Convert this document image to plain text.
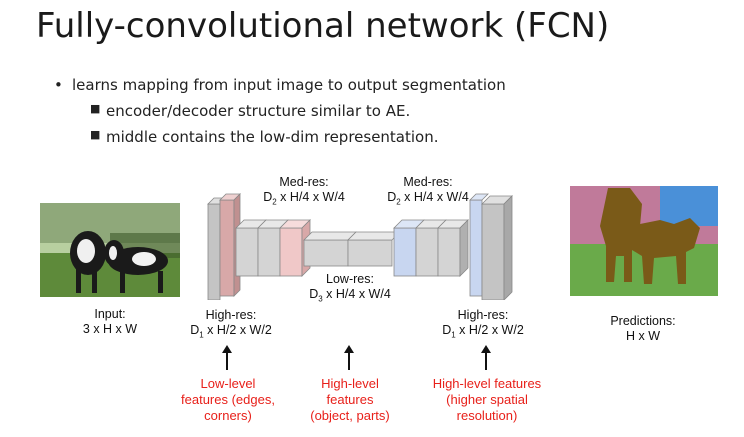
Fully-convolutional network (FCN)
• learns mapping from input image to output segmentation
■ encoder/decoder structure similar to AE.
■ middle contains the low-dim representation.
Input:
3 x H x W
Predictions:
H x W
Med-res:
$D_2$ x H/4 x W/4
Med-res:
$D_2$ x H/4 x W/4
Low-res:
$D_3$ x H/4 x W/4
High-res:
$D_1$ x H/2 x W/2
High-res:
$D_1$ x H/2 x W/2
Low-level
features (edges,
corners)
High-level
features
(object, parts)
High-level features
(higher spatial
resolution)
